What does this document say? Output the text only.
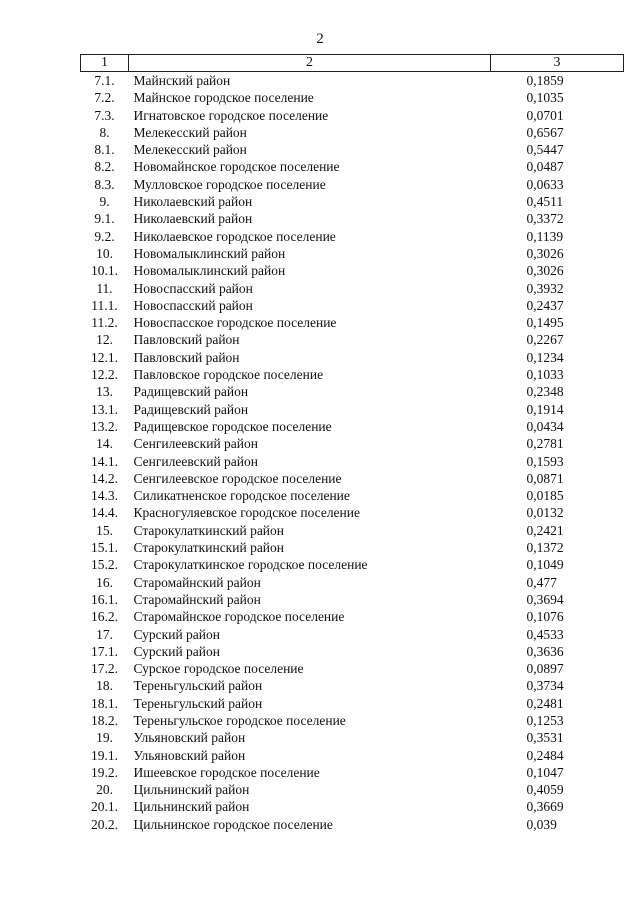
2
1	2	3
7.1.	Майнский район	0,1859
7.2.	Майнское городское поселение	0,1035
7.3.	Игнатовское городское поселение	0,0701
8.	Мелекесский район	0,6567
8.1.	Мелекесский район	0,5447
8.2.	Новомайнское городское поселение	0,0487
8.3.	Мулловское городское поселение	0,0633
9.	Николаевский район	0,4511
9.1.	Николаевский район	0,3372
9.2.	Николаевское городское поселение	0,1139
10.	Новомалыклинский район	0,3026
10.1.	Новомалыклинский район	0,3026
11.	Новоспасский район	0,3932
11.1.	Новоспасский район	0,2437
11.2.	Новоспасское городское поселение	0,1495
12.	Павловский район	0,2267
12.1.	Павловский район	0,1234
12.2.	Павловское городское поселение	0,1033
13.	Радищевский район	0,2348
13.1.	Радищевский район	0,1914
13.2.	Радищевское городское поселение	0,0434
14.	Сенгилеевский район	0,2781
14.1.	Сенгилеевский район	0,1593
14.2.	Сенгилеевское городское поселение	0,0871
14.3.	Силикатненское городское поселение	0,0185
14.4.	Красногуляевское городское поселение	0,0132
15.	Старокулаткинский район	0,2421
15.1.	Старокулаткинский район	0,1372
15.2.	Старокулаткинское городское поселение	0,1049
16.	Старомайнский район	0,477
16.1.	Старомайнский район	0,3694
16.2.	Старомайнское городское поселение	0,1076
17.	Сурский район	0,4533
17.1.	Сурский район	0,3636
17.2.	Сурское городское поселение	0,0897
18.	Тереньгульский район	0,3734
18.1.	Тереньгульский район	0,2481
18.2.	Тереньгульское городское поселение	0,1253
19.	Ульяновский район	0,3531
19.1.	Ульяновский район	0,2484
19.2.	Ишеевское городское поселение	0,1047
20.	Цильнинский район	0,4059
20.1.	Цильнинский район	0,3669
20.2.	Цильнинское городское поселение	0,039
